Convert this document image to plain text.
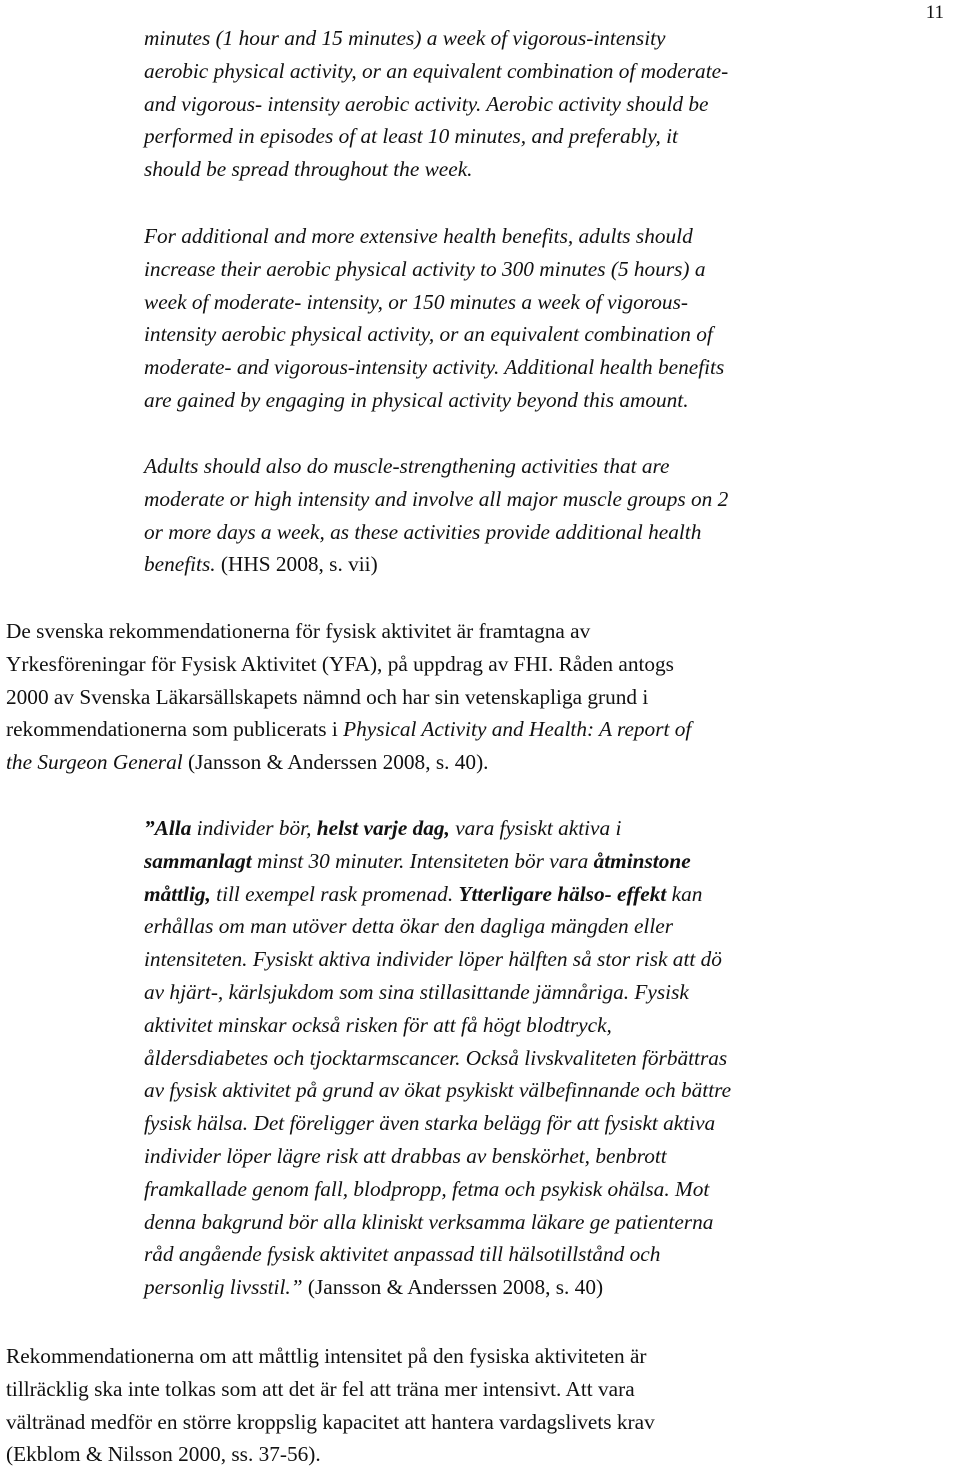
11
minutes (1 hour and 15 minutes) a week of vigorous-intensity
aerobic physical activity, or an equivalent combination of moderate-
and vigorous- intensity aerobic activity. Aerobic activity should be
performed in episodes of at least 10 minutes, and preferably, it
should be spread throughout the week.
For additional and more extensive health benefits, adults should
increase their aerobic physical activity to 300 minutes (5 hours) a
week of moderate- intensity, or 150 minutes a week of vigorous-
intensity aerobic physical activity, or an equivalent combination of
moderate- and vigorous-intensity activity. Additional health benefits
are gained by engaging in physical activity beyond this amount.
Adults should also do muscle-strengthening activities that are
moderate or high intensity and involve all major muscle groups on 2
or more days a week, as these activities provide additional health
benefits. (HHS 2008, s. vii)
De svenska rekommendationerna för fysisk aktivitet är framtagna av
Yrkesföreningar för Fysisk Aktivitet (YFA), på uppdrag av FHI. Råden antogs
2000 av Svenska Läkarsällskapets nämnd och har sin vetenskapliga grund i
rekommendationerna som publicerats i Physical Activity and Health: A report of
the Surgeon General (Jansson & Anderssen 2008, s. 40).
”Alla individer bör, helst varje dag, vara fysiskt aktiva i
sammanlagt minst 30 minuter. Intensiteten bör vara åtminstone
måttlig, till exempel rask promenad. Ytterligare hälso- effekt kan
erhållas om man utöver detta ökar den dagliga mängden eller
intensiteten. Fysiskt aktiva individer löper hälften så stor risk att dö
av hjärt-, kärlsjukdom som sina stillasittande jämnåriga. Fysisk
aktivitet minskar också risken för att få högt blodtryck,
åldersdiabetes och tjocktarmscancer. Också livskvaliteten förbättras
av fysisk aktivitet på grund av ökat psykiskt välbefinnande och bättre
fysisk hälsa. Det föreligger även starka belägg för att fysiskt aktiva
individer löper lägre risk att drabbas av benskörhet, benbrott
framkallade genom fall, blodpropp, fetma och psykisk ohälsa. Mot
denna bakgrund bör alla kliniskt verksamma läkare ge patienterna
råd angående fysisk aktivitet anpassad till hälsotillstånd och
personlig livsstil.” (Jansson & Anderssen 2008, s. 40)
Rekommendationerna om att måttlig intensitet på den fysiska aktiviteten är
tillräcklig ska inte tolkas som att det är fel att träna mer intensivt. Att vara
vältränad medför en större kroppslig kapacitet att hantera vardagslivets krav
(Ekblom & Nilsson 2000, ss. 37-56).
